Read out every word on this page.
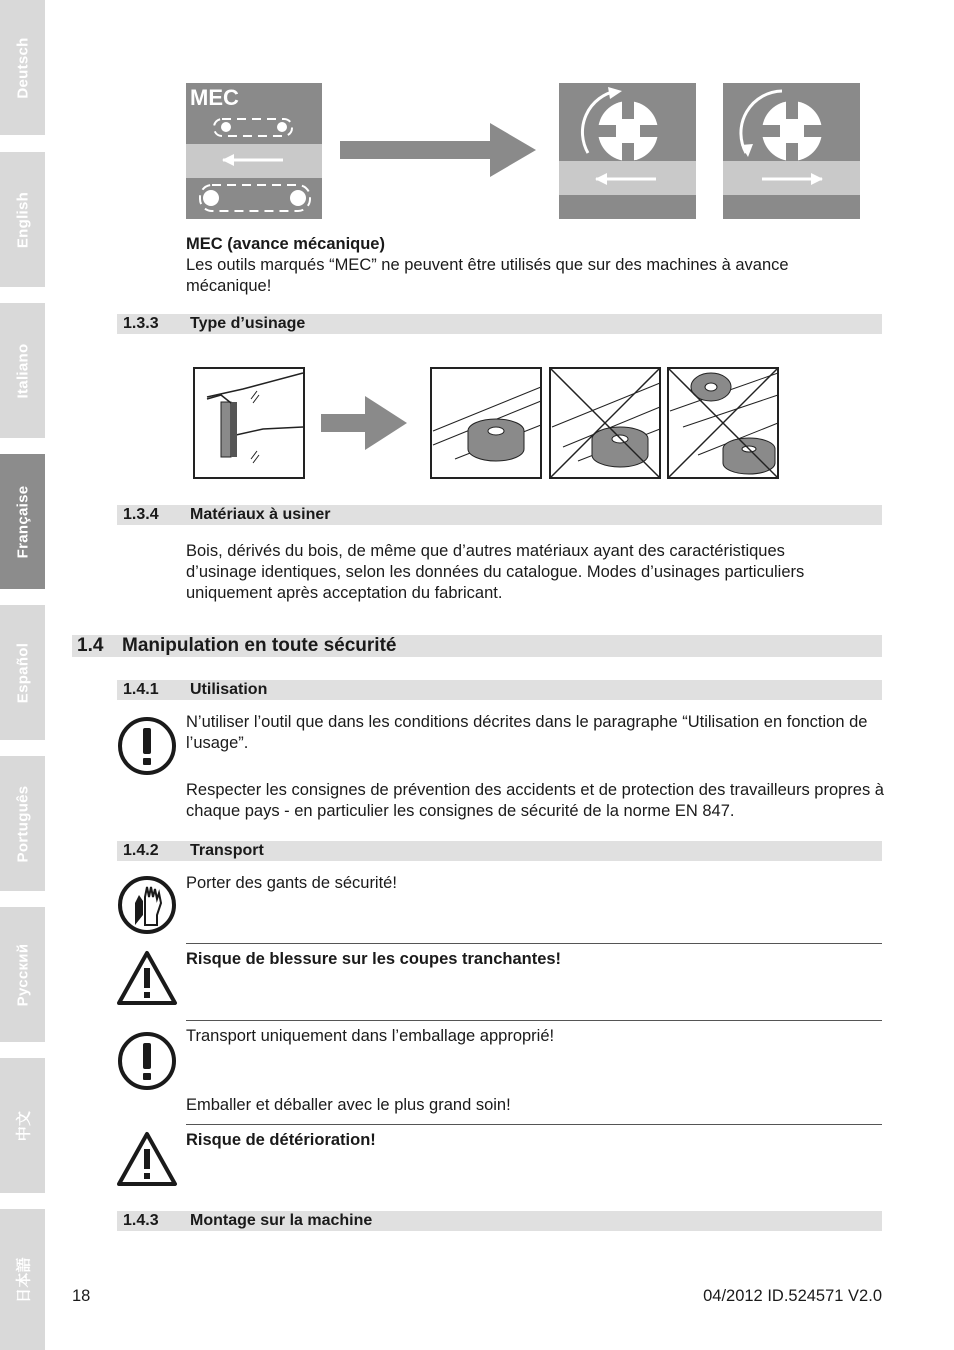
Deutsch
English
Italiano
Française
Español
Português
Русский
中文
日本語
MEC
MEC (avance mécanique)
Les outils marqués “MEC” ne peuvent être utilisés que sur des machines à avance mécanique!
1.3.3 Type d’usinage
1.3.4 Matériaux à usiner
Bois, dérivés du bois, de même que d’autres matériaux ayant des caractéristiques d’usinage identiques, selon les données du catalogue. Modes d’usinages particuliers uniquement après acceptation du fabricant.
1.4 Manipulation en toute sécurité
1.4.1 Utilisation
N’utiliser l’outil que dans les conditions décrites dans le paragraphe “Utilisation en fonction de l’usage”.
Respecter les consignes de prévention des accidents et de protection des travailleurs propres à chaque pays - en particulier les consignes de sécurité de la norme EN 847.
1.4.2 Transport
Porter des gants de sécurité!
Risque de blessure sur les coupes tranchantes!
Transport uniquement dans l’emballage approprié!
Emballer et déballer avec le plus grand soin!
Risque de détérioration!
1.4.3 Montage sur la machine
18	04/2012 ID.524571 V2.0
